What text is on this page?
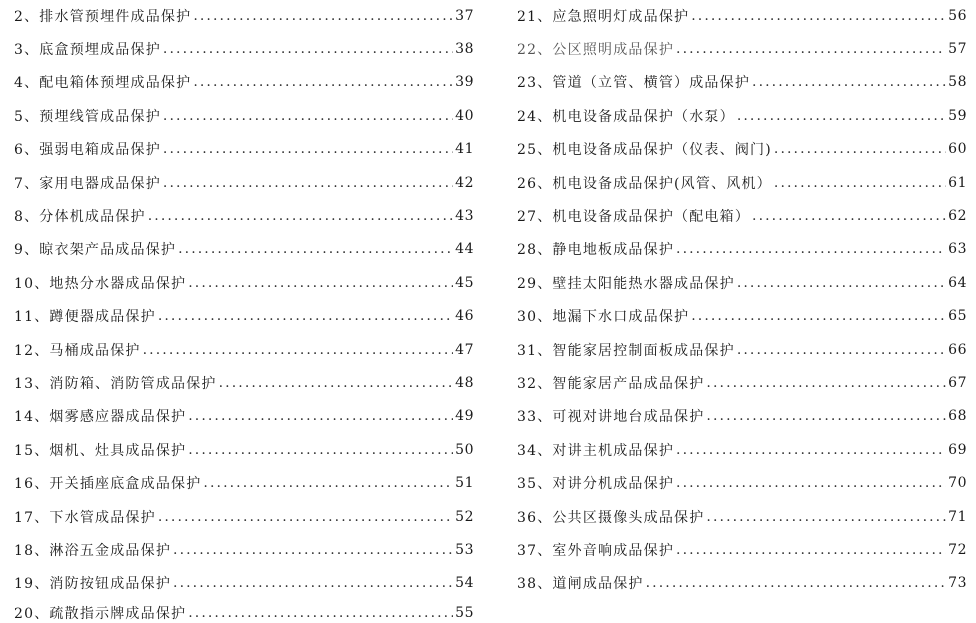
2、排水管预埋件成品保护 .....	37
3、底盒预埋成品保护 .....	38
4、配电箱体预埋成品保护 .....	39
5、预埋线管成品保护 .....	40
6、强弱电箱成品保护 .....	41
7、家用电器成品保护 .....	42
8、分体机成品保护 .....	43
9、晾衣架产品成品保护 .....	44
10、地热分水器成品保护 .....	45
11、蹲便器成品保护 .....	46
12、马桶成品保护 .....	47
13、消防箱、消防管成品保护 .....	48
14、烟雾感应器成品保护 .....	49
15、烟机、灶具成品保护 .....	50
16、开关插座底盒成品保护 .....	51
17、下水管成品保护 .....	52
18、淋浴五金成品保护 .....	53
19、消防按钮成品保护 .....	54
20、疏散指示牌成品保护 .....	55
21、应急照明灯成品保护 .....	56
22、公区照明成品保护 .....	57
23、管道（立管、横管）成品保护 .....	58
24、机电设备成品保护（水泵） .....	59
25、机电设备成品保护（仪表、阀门) .....	60
26、机电设备成品保护(风管、风机） .....	61
27、机电设备成品保护（配电箱） .....	62
28、静电地板成品保护 .....	63
29、壁挂太阳能热水器成品保护 .....	64
30、地漏下水口成品保护 .....	65
31、智能家居控制面板成品保护 .....	66
32、智能家居产品成品保护 .....	67
33、可视对讲地台成品保护 .....	68
34、对讲主机成品保护 .....	69
35、对讲分机成品保护 .....	70
36、公共区摄像头成品保护 .....	71
37、室外音响成品保护 .....	72
38、道闸成品保护 .....	73
